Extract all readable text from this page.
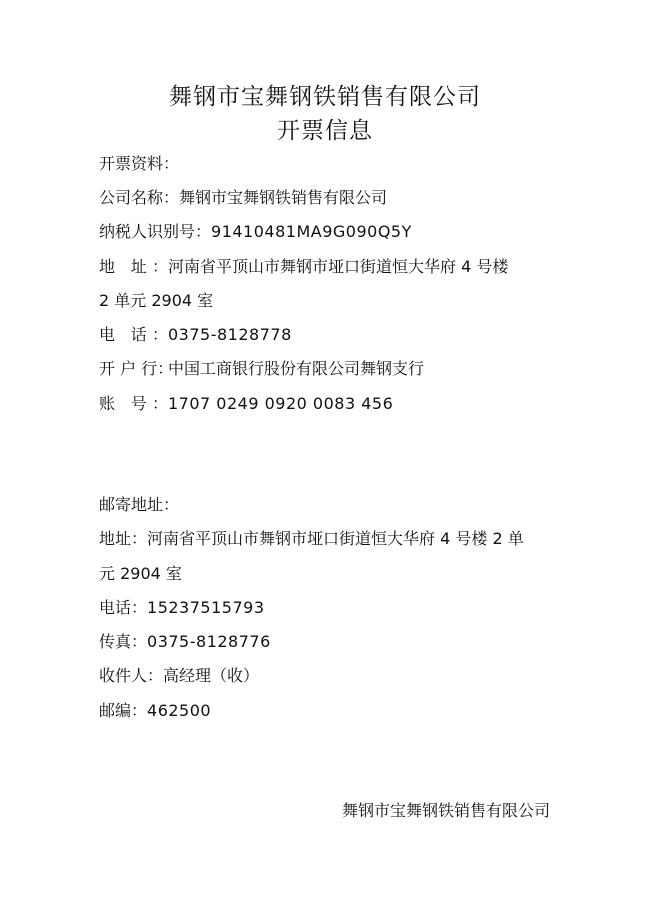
舞钢市宝舞钢铁销售有限公司
开票信息
开票资料：
公司名称：舞钢市宝舞钢铁销售有限公司
纳税人识别号：91410481MA9G090Q5Y
地 址：河南省平顶山市舞钢市垭口街道恒大华府 4 号楼
2 单元 2904 室
电 话：0375-8128778
开 户 行：中国工商银行股份有限公司舞钢支行
账 号：1707 0249 0920 0083 456
邮寄地址：
地址：河南省平顶山市舞钢市垭口街道恒大华府 4 号楼 2 单
元 2904 室
电话：15237515793
传真：0375-8128776
收件人：高经理（收）
邮编：462500
舞钢市宝舞钢铁销售有限公司
